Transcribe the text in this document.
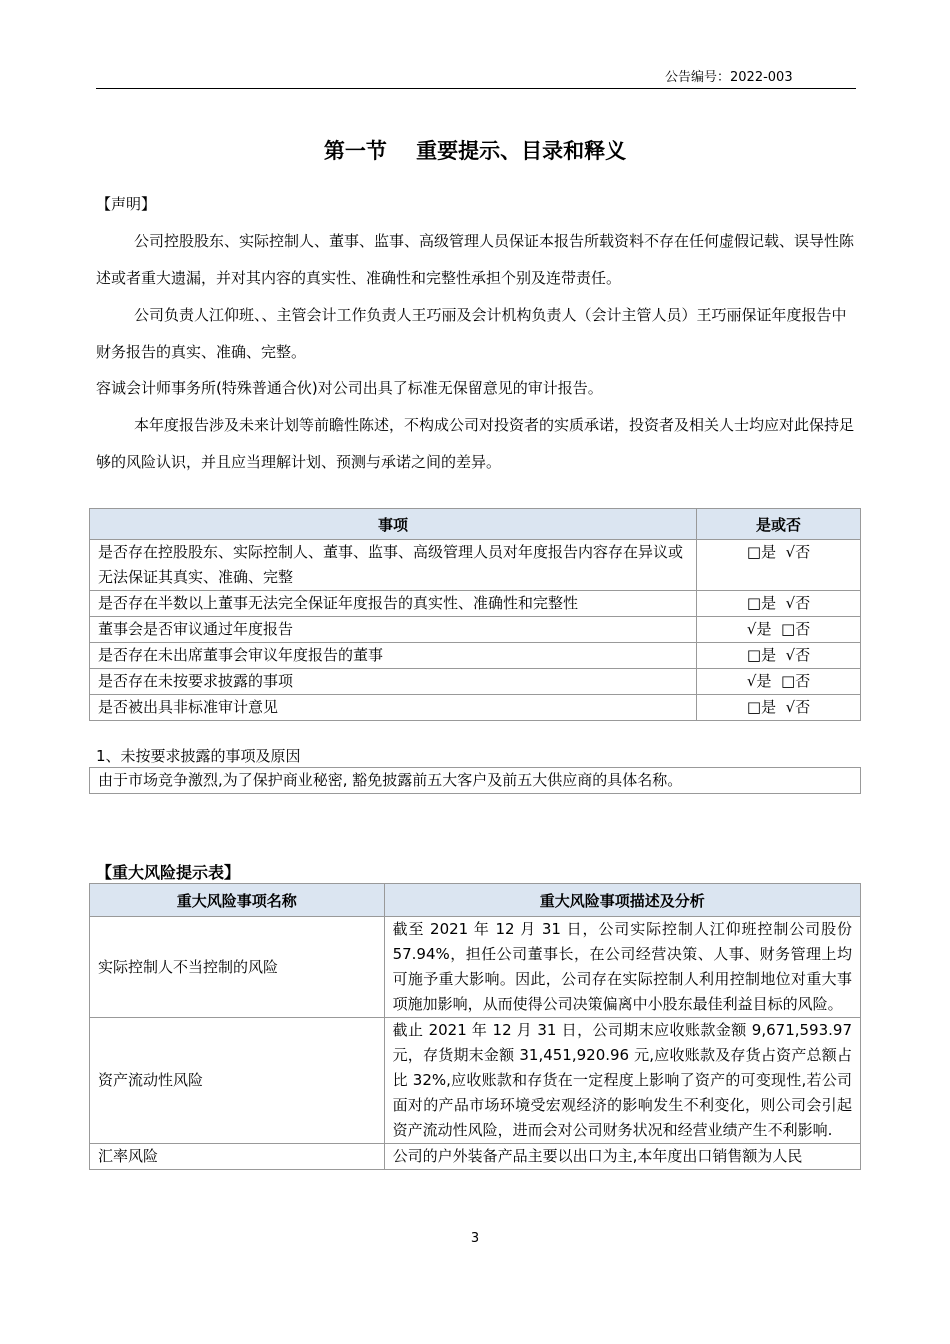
公告编号：2022-003
第一节    重要提示、目录和释义
【声明】
公司控股股东、实际控制人、董事、监事、高级管理人员保证本报告所载资料不存在任何虚假记载、误导性陈述或者重大遗漏，并对其内容的真实性、准确性和完整性承担个别及连带责任。
公司负责人江仰班、、主管会计工作负责人王巧丽及会计机构负责人（会计主管人员）王巧丽保证年度报告中财务报告的真实、准确、完整。
容诚会计师事务所(特殊普通合伙)对公司出具了标准无保留意见的审计报告。
本年度报告涉及未来计划等前瞻性陈述，不构成公司对投资者的实质承诺，投资者及相关人士均应对此保持足够的风险认识，并且应当理解计划、预测与承诺之间的差异。
事项	是或否
是否存在控股股东、实际控制人、董事、监事、高级管理人员对年度报告内容存在异议或无法保证其真实、准确、完整	□是  √否
是否存在半数以上董事无法完全保证年度报告的真实性、准确性和完整性	□是  √否
董事会是否审议通过年度报告	√是  □否
是否存在未出席董事会审议年度报告的董事	□是  √否
是否存在未按要求披露的事项	√是  □否
是否被出具非标准审计意见	□是  √否
1、未按要求披露的事项及原因
由于市场竞争激烈,为了保护商业秘密, 豁免披露前五大客户及前五大供应商的具体名称。
【重大风险提示表】
重大风险事项名称	重大风险事项描述及分析
实际控制人不当控制的风险	截至 2021 年 12 月 31 日，公司实际控制人江仰班控制公司股份 57.94%，担任公司董事长，在公司经营决策、人事、财务管理上均可施予重大影响。因此，公司存在实际控制人利用控制地位对重大事项施加影响，从而使得公司决策偏离中小股东最佳利益目标的风险。
资产流动性风险	截止 2021 年 12 月 31 日，公司期末应收账款金额 9,671,593.97 元，存货期末金额 31,451,920.96 元,应收账款及存货占资产总额占比 32%,应收账款和存货在一定程度上影响了资产的可变现性,若公司面对的产品市场环境受宏观经济的影响发生不利变化，则公司会引起资产流动性风险，进而会对公司财务状况和经营业绩产生不利影响.
汇率风险	公司的户外装备产品主要以出口为主,本年度出口销售额为人民
3
